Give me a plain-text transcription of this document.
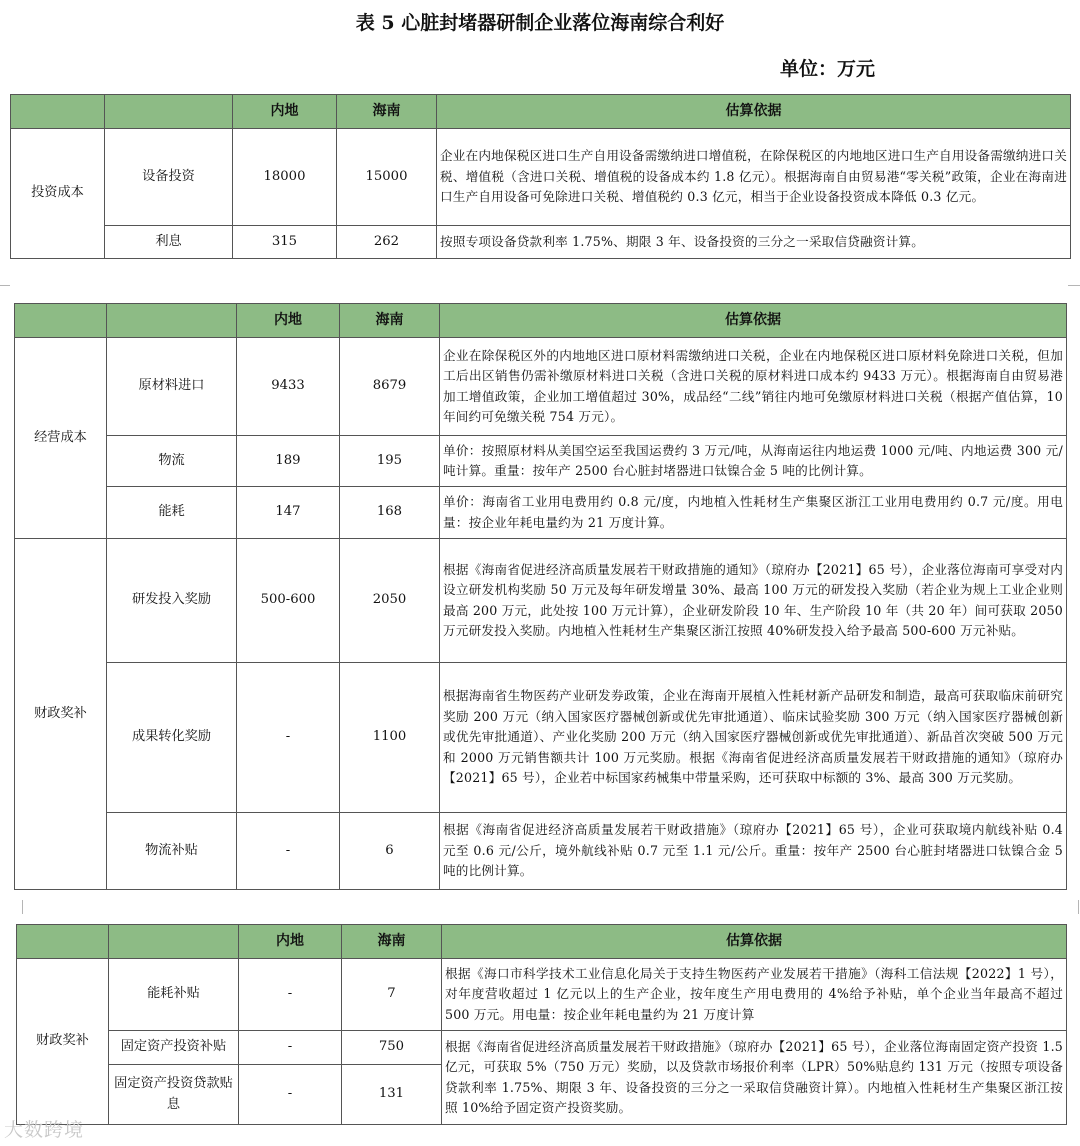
表 5 心脏封堵器研制企业落位海南综合利好
单位：万元
		内地	海南	估算依据
投资成本	设备投资	18000	15000	企业在内地保税区进口生产自用设备需缴纳进口增值税，在除保税区的内地地区进口生产自用设备需缴纳进口关税、增值税（含进口关税、增值税的设备成本约 1.8 亿元）。根据海南自由贸易港“零关税”政策，企业在海南进口生产自用设备可免除进口关税、增值税约 0.3 亿元，相当于企业设备投资成本降低 0.3 亿元。
	利息	315	262	按照专项设备贷款利率 1.75%、期限 3 年、设备投资的三分之一采取信贷融资计算。
		内地	海南	估算依据
经营成本	原材料进口	9433	8679	企业在除保税区外的内地地区进口原材料需缴纳进口关税，企业在内地保税区进口原材料免除进口关税，但加工后出区销售仍需补缴原材料进口关税（含进口关税的原材料进口成本约 9433 万元）。根据海南自由贸易港加工增值政策，企业加工增值超过 30%，成品经“二线”销往内地可免缴原材料进口关税（根据产值估算，10 年间约可免缴关税 754 万元）。
	物流	189	195	单价：按照原材料从美国空运至我国运费约 3 万元/吨，从海南运往内地运费 1000 元/吨、内地运费 300 元/吨计算。重量：按年产 2500 台心脏封堵器进口钛镍合金 5 吨的比例计算。
	能耗	147	168	单价：海南省工业用电费用约 0.8 元/度，内地植入性耗材生产集聚区浙江工业用电费用约 0.7 元/度。用电量：按企业年耗电量约为 21 万度计算。
财政奖补	研发投入奖励	500-600	2050	根据《海南省促进经济高质量发展若干财政措施的通知》（琼府办【2021】65 号），企业落位海南可享受对内设立研发机构奖励 50 万元及每年研发增量 30%、最高 100 万元的研发投入奖励（若企业为规上工业企业则最高 200 万元，此处按 100 万元计算），企业研发阶段 10 年、生产阶段 10 年（共 20 年）间可获取 2050 万元研发投入奖励。内地植入性耗材生产集聚区浙江按照 40%研发投入给予最高 500-600 万元补贴。
	成果转化奖励	-	1100	根据海南省生物医药产业研发券政策，企业在海南开展植入性耗材新产品研发和制造，最高可获取临床前研究奖励 200 万元（纳入国家医疗器械创新或优先审批通道）、临床试验奖励 300 万元（纳入国家医疗器械创新或优先审批通道）、产业化奖励 200 万元（纳入国家医疗器械创新或优先审批通道）、新品首次突破 500 万元和 2000 万元销售额共计 100 万元奖励。根据《海南省促进经济高质量发展若干财政措施的通知》（琼府办【2021】65 号），企业若中标国家药械集中带量采购，还可获取中标额的 3%、最高 300 万元奖励。
	物流补贴	-	6	根据《海南省促进经济高质量发展若干财政措施》（琼府办【2021】65 号），企业可获取境内航线补贴 0.4 元至 0.6 元/公斤，境外航线补贴 0.7 元至 1.1 元/公斤。重量：按年产 2500 台心脏封堵器进口钛镍合金 5 吨的比例计算。
		内地	海南	估算依据
财政奖补	能耗补贴	-	7	根据《海口市科学技术工业信息化局关于支持生物医药产业发展若干措施》（海科工信法规【2022】1 号），对年度营收超过 1 亿元以上的生产企业，按年度生产用电费用的 4%给予补贴，单个企业当年最高不超过 500 万元。用电量：按企业年耗电量约为 21 万度计算
	固定资产投资补贴	-	750	根据《海南省促进经济高质量发展若干财政措施》（琼府办【2021】65 号），企业落位海南固定资产投资 1.5 亿元，可获取 5%（750 万元）奖励，以及贷款市场报价利率（LPR）50%贴息约 131 万元（按照专项设备贷款利率 1.75%、期限 3 年、设备投资的三分之一采取信贷融资计算）。内地植入性耗材生产集聚区浙江按照 10%给予固定资产投资奖励。
	固定资产投资贷款贴息	-	131	
大数跨境
